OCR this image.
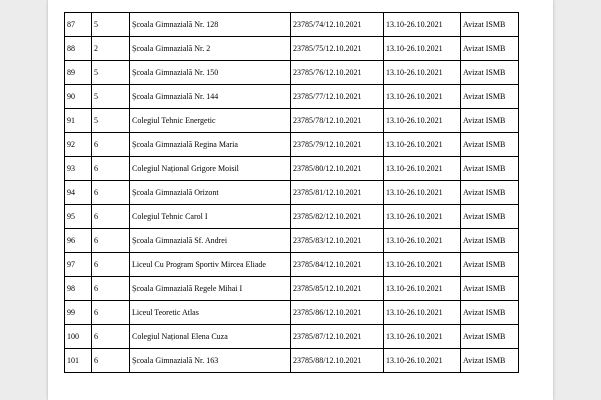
87	5	Școala Gimnazială Nr. 128	23785/74/12.10.2021	13.10-26.10.2021	Avizat ISMB
88	2	Școala Gimnazială Nr. 2	23785/75/12.10.2021	13.10-26.10.2021	Avizat ISMB
89	5	Școala Gimnazială Nr. 150	23785/76/12.10.2021	13.10-26.10.2021	Avizat ISMB
90	5	Școala Gimnazială Nr. 144	23785/77/12.10.2021	13.10-26.10.2021	Avizat ISMB
91	5	Colegiul Tehnic Energetic	23785/78/12.10.2021	13.10-26.10.2021	Avizat ISMB
92	6	Școala Gimnazială Regina Maria	23785/79/12.10.2021	13.10-26.10.2021	Avizat ISMB
93	6	Colegiul Național Grigore Moisil	23785/80/12.10.2021	13.10-26.10.2021	Avizat ISMB
94	6	Școala Gimnazială Orizont	23785/81/12.10.2021	13.10-26.10.2021	Avizat ISMB
95	6	Colegiul Tehnic Carol I	23785/82/12.10.2021	13.10-26.10.2021	Avizat ISMB
96	6	Școala Gimnazială Sf. Andrei	23785/83/12.10.2021	13.10-26.10.2021	Avizat ISMB
97	6	Liceul Cu Program Sportiv Mircea Eliade	23785/84/12.10.2021	13.10-26.10.2021	Avizat ISMB
98	6	Școala Gimnazială Regele Mihai I	23785/85/12.10.2021	13.10-26.10.2021	Avizat ISMB
99	6	Liceul Teoretic Atlas	23785/86/12.10.2021	13.10-26.10.2021	Avizat ISMB
100	6	Colegiul Național Elena Cuza	23785/87/12.10.2021	13.10-26.10.2021	Avizat ISMB
101	6	Școala Gimnazială Nr. 163	23785/88/12.10.2021	13.10-26.10.2021	Avizat ISMB
